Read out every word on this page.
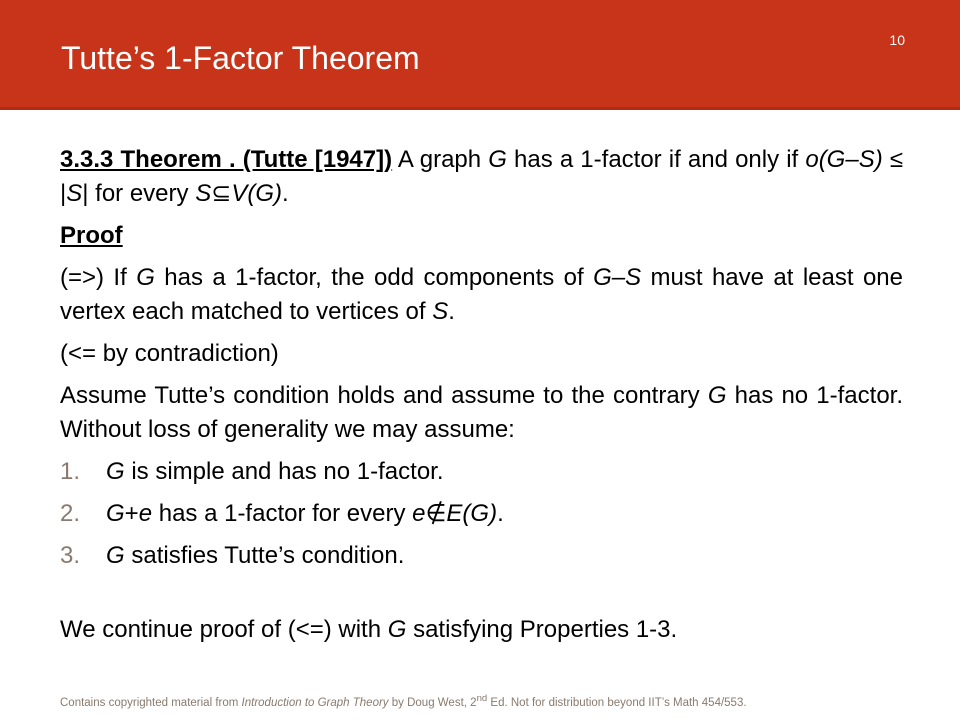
Tutte’s 1-Factor Theorem	10

3.3.3 Theorem . (Tutte [1947]) A graph G has a 1-factor if and only if o(G–S) ≤ |S| for every S⊆V(G).

Proof

(=>) If G has a 1-factor, the odd components of G–S must have at least one vertex each matched to vertices of S.

(<= by contradiction)

Assume Tutte’s condition holds and assume to the contrary G has no 1-factor. Without loss of generality we may assume:

1. G is simple and has no 1-factor.
2. G+e has a 1-factor for every e∉E(G).
3. G satisfies Tutte’s condition.

We continue proof of (<=) with G satisfying Properties 1-3.

Contains copyrighted material from Introduction to Graph Theory by Doug West, 2nd Ed. Not for distribution beyond IIT’s Math 454/553.
